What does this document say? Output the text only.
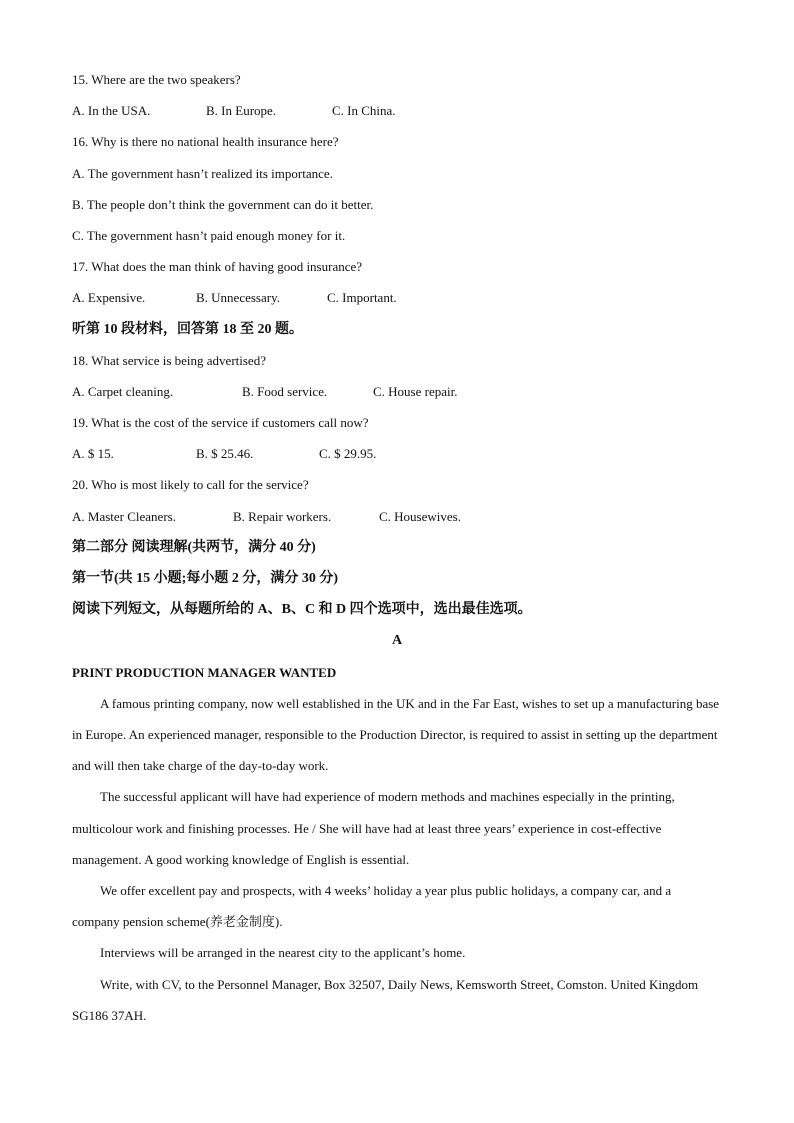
15. Where are the two speakers?
A. In the USA.	B. In Europe.	C. In China.
16. Why is there no national health insurance here?
A. The government hasn’t realized its importance.
B. The people don’t think the government can do it better.
C. The government hasn’t paid enough money for it.
17. What does the man think of having good insurance?
A. Expensive.	B. Unnecessary.	C. Important.
听第 10 段材料，回答第 18 至 20 题。
18. What service is being advertised?
A. Carpet cleaning.	B. Food service.	C. House repair.
19. What is the cost of the service if customers call now?
A. $ 15.	B. $ 25.46.	C. $ 29.95.
20. Who is most likely to call for the service?
A. Master Cleaners.	B. Repair workers.	C. Housewives.
第二部分 阅读理解(共两节，满分 40 分)
第一节(共 15 小题;每小题 2 分，满分 30 分)
阅读下列短文，从每题所给的 A、B、C 和 D 四个选项中，选出最佳选项。
A
PRINT PRODUCTION MANAGER WANTED

A famous printing company, now well established in the UK and in the Far East, wishes to set up a manufacturing base in Europe. An experienced manager, responsible to the Production Director, is required to assist in setting up the department and will then take charge of the day-to-day work.

The successful applicant will have had experience of modern methods and machines especially in the printing, multicolour work and finishing processes. He / She will have had at least three years’ experience in cost-effective management. A good working knowledge of English is essential.

We offer excellent pay and prospects, with 4 weeks’ holiday a year plus public holidays, a company car, and a company pension scheme(养老金制度).

Interviews will be arranged in the nearest city to the applicant’s home.

Write, with CV, to the Personnel Manager, Box 32507, Daily News, Kemsworth Street, Comston. United Kingdom SG186 37AH.
